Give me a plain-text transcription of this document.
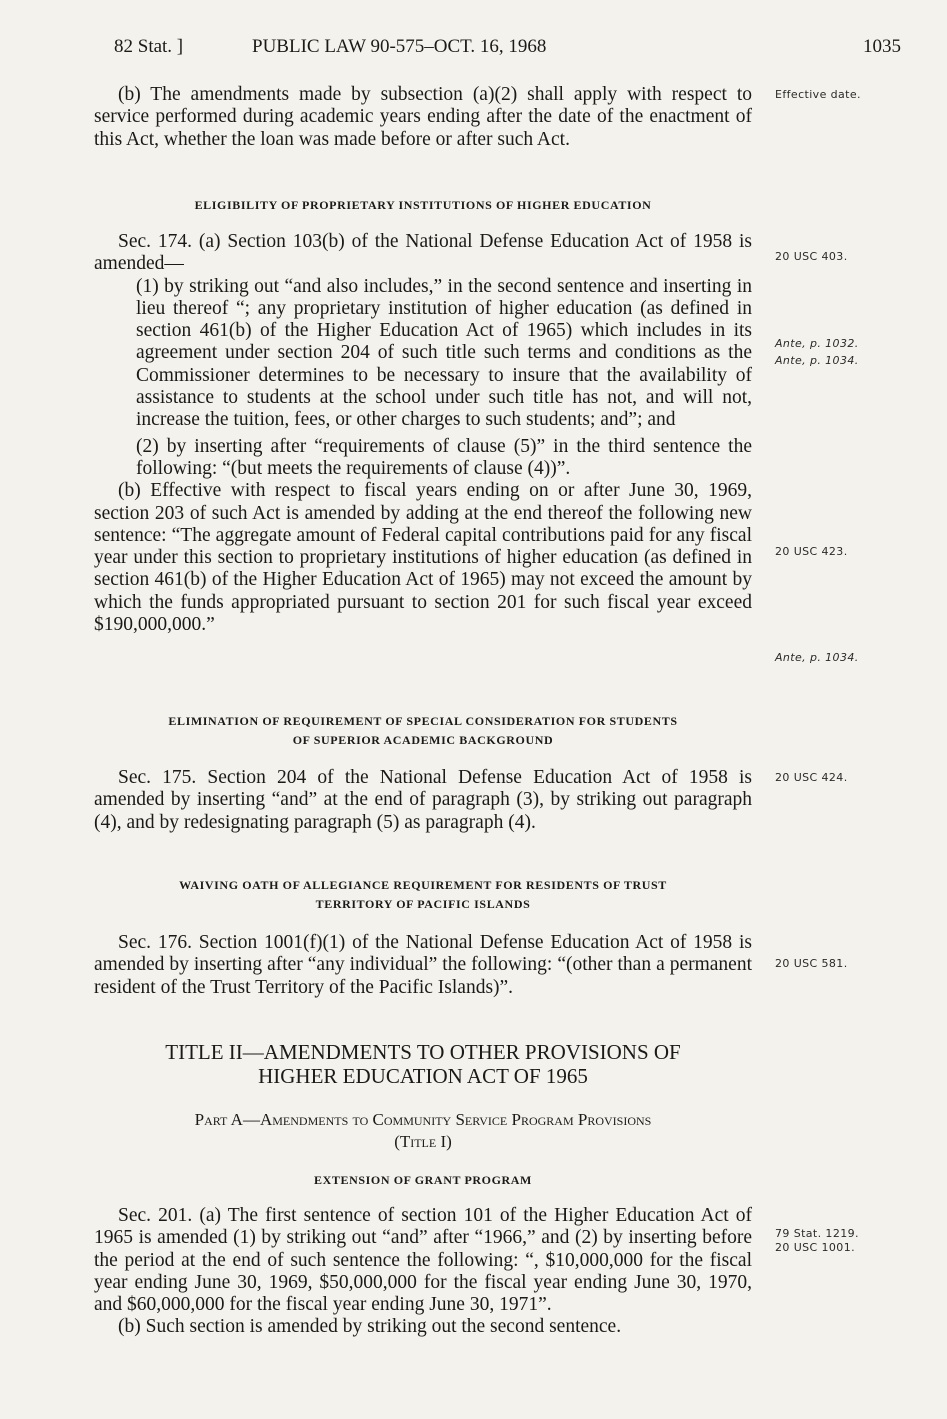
82 Stat. ]	PUBLIC LAW 90-575–OCT. 16, 1968	1035
Effective date.
20 USC 403.
Ante, p. 1032.
Ante, p. 1034.
20 USC 423.
Ante, p. 1034.
20 USC 424.
20 USC 581.
79 Stat. 1219.
20 USC 1001.

(b) The amendments made by subsection (a)(2) shall apply with respect to service performed during academic years ending after the date of the enactment of this Act, whether the loan was made before or after such Act.

ELIGIBILITY OF PROPRIETARY INSTITUTIONS OF HIGHER EDUCATION

Sec. 174. (a) Section 103(b) of the National Defense Education Act of 1958 is amended—

(1) by striking out “and also includes,” in the second sentence and inserting in lieu thereof “; any proprietary institution of higher education (as defined in section 461(b) of the Higher Education Act of 1965) which includes in its agreement under section 204 of such title such terms and conditions as the Commissioner determines to be necessary to insure that the availability of assistance to students at the school under such title has not, and will not, increase the tuition, fees, or other charges to such students; and”; and

(2) by inserting after “requirements of clause (5)” in the third sentence the following: “(but meets the requirements of clause (4))”.

(b) Effective with respect to fiscal years ending on or after June 30, 1969, section 203 of such Act is amended by adding at the end thereof the following new sentence: “The aggregate amount of Federal capital contributions paid for any fiscal year under this section to proprietary institutions of higher education (as defined in section 461(b) of the Higher Education Act of 1965) may not exceed the amount by which the funds appropriated pursuant to section 201 for such fiscal year exceed $190,000,000.”

ELIMINATION OF REQUIREMENT OF SPECIAL CONSIDERATION FOR STUDENTS

OF SUPERIOR ACADEMIC BACKGROUND

Sec. 175. Section 204 of the National Defense Education Act of 1958 is amended by inserting “and” at the end of paragraph (3), by striking out paragraph (4), and by redesignating paragraph (5) as paragraph (4).

WAIVING OATH OF ALLEGIANCE REQUIREMENT FOR RESIDENTS OF TRUST

TERRITORY OF PACIFIC ISLANDS

Sec. 176. Section 1001(f)(1) of the National Defense Education Act of 1958 is amended by inserting after “any individual” the following: “(other than a permanent resident of the Trust Territory of the Pacific Islands)”.

TITLE II—AMENDMENTS TO OTHER PROVISIONS OF

HIGHER EDUCATION ACT OF 1965

Part A—Amendments to Community Service Program Provisions

(Title I)

EXTENSION OF GRANT PROGRAM

Sec. 201. (a) The first sentence of section 101 of the Higher Education Act of 1965 is amended (1) by striking out “and” after “1966,” and (2) by inserting before the period at the end of such sentence the following: “, $10,000,000 for the fiscal year ending June 30, 1969, $50,000,000 for the fiscal year ending June 30, 1970, and $60,000,000 for the fiscal year ending June 30, 1971”.

(b) Such section is amended by striking out the second sentence.
